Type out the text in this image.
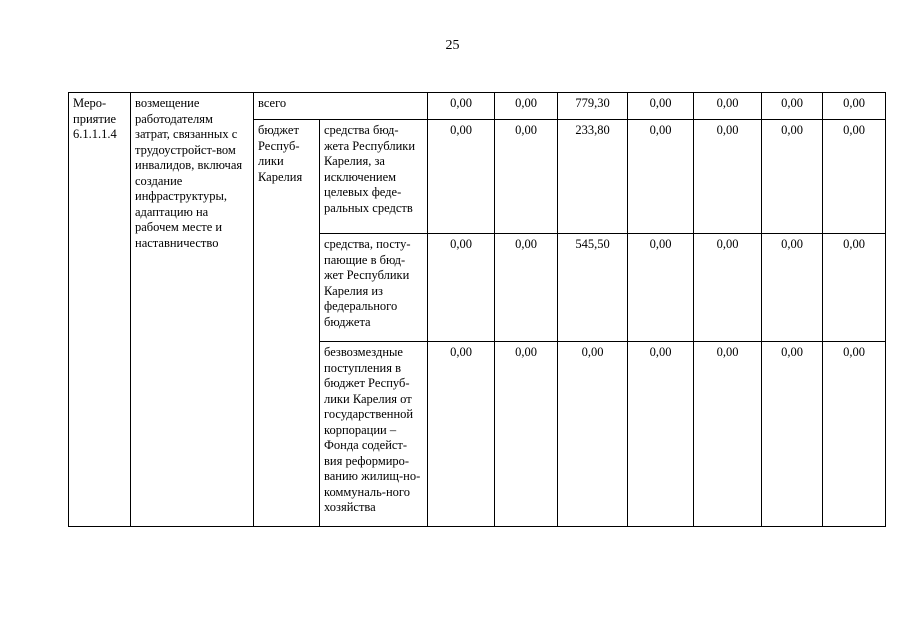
25
Меро-
приятие
6.1.1.1.4	возмещение работодателям затрат, связанных с трудоустройст-вом инвалидов, включая создание инфраструктуры, адаптацию на рабочем месте и наставничество	всего		0,00	0,00	779,30	0,00	0,00	0,00	0,00
		бюджет Респуб-лики Карелия	средства бюд-жета Республики Карелия, за исключением целевых феде-ральных средств	0,00	0,00	233,80	0,00	0,00	0,00	0,00
			средства, посту-пающие в бюд-жет Республики Карелия из федерального бюджета	0,00	0,00	545,50	0,00	0,00	0,00	0,00
			безвозмездные поступления в бюджет Респуб-лики Карелия от государственной корпорации – Фонда содейст-вия реформиро-ванию жилищ-но-коммуналь-ного хозяйства	0,00	0,00	0,00	0,00	0,00	0,00	0,00
